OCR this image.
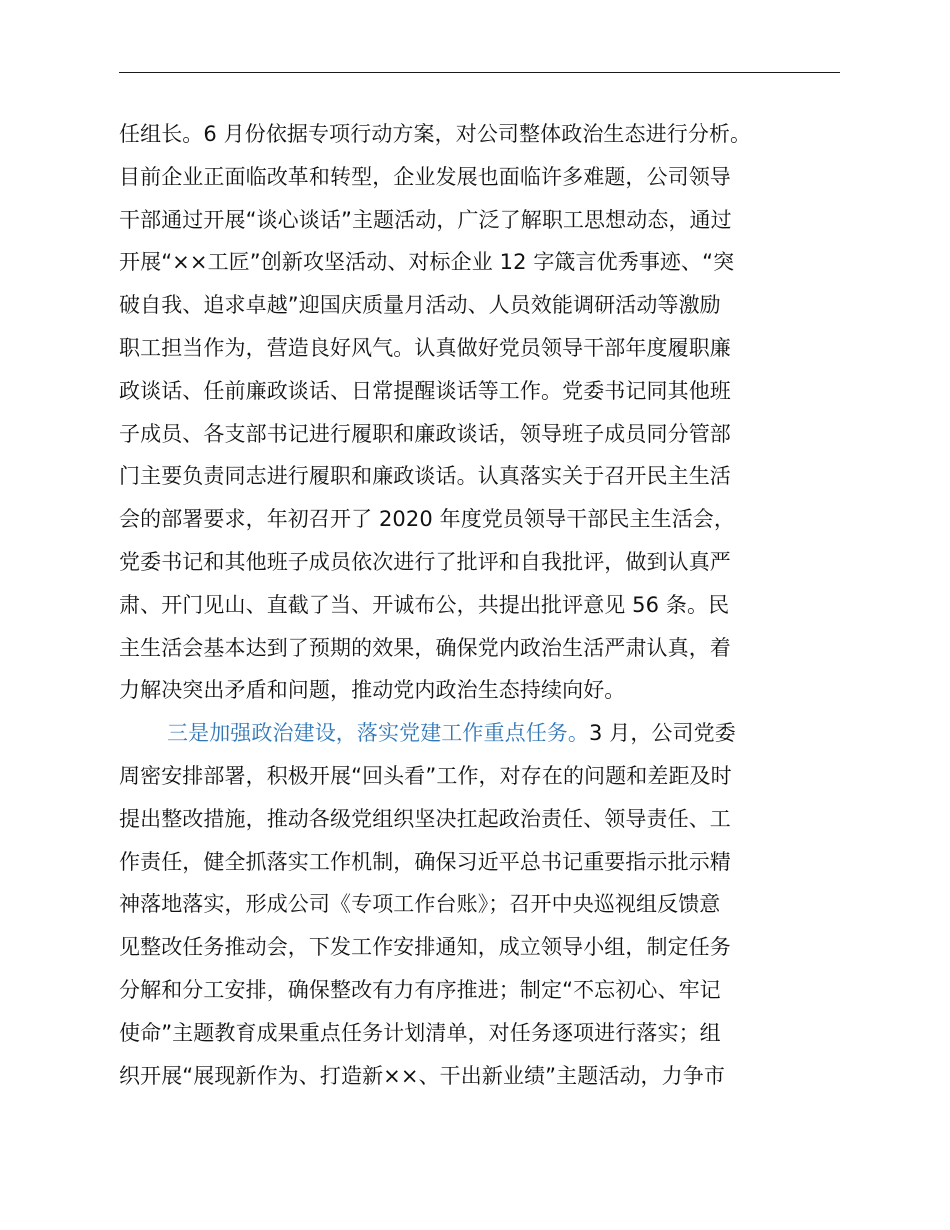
任组长。6 月份依据专项行动方案，对公司整体政治生态进行分析。
目前企业正面临改革和转型，企业发展也面临许多难题，公司领导
干部通过开展“谈心谈话”主题活动，广泛了解职工思想动态，通过
开展“××工匠”创新攻坚活动、对标企业 12 字箴言优秀事迹、“突
破自我、追求卓越”迎国庆质量月活动、人员效能调研活动等激励
职工担当作为，营造良好风气。认真做好党员领导干部年度履职廉
政谈话、任前廉政谈话、日常提醒谈话等工作。党委书记同其他班
子成员、各支部书记进行履职和廉政谈话，领导班子成员同分管部
门主要负责同志进行履职和廉政谈话。认真落实关于召开民主生活
会的部署要求，年初召开了 2020 年度党员领导干部民主生活会，
党委书记和其他班子成员依次进行了批评和自我批评，做到认真严
肃、开门见山、直截了当、开诚布公，共提出批评意见 56 条。民
主生活会基本达到了预期的效果，确保党内政治生活严肃认真，着
力解决突出矛盾和问题，推动党内政治生态持续向好。
三是加强政治建设，落实党建工作重点任务。3 月，公司党委
周密安排部署，积极开展“回头看”工作，对存在的问题和差距及时
提出整改措施，推动各级党组织坚决扛起政治责任、领导责任、工
作责任，健全抓落实工作机制，确保习近平总书记重要指示批示精
神落地落实，形成公司《专项工作台账》；召开中央巡视组反馈意
见整改任务推动会，下发工作安排通知，成立领导小组，制定任务
分解和分工安排，确保整改有力有序推进；制定“不忘初心、牢记
使命”主题教育成果重点任务计划清单，对任务逐项进行落实；组
织开展“展现新作为、打造新××、干出新业绩”主题活动，力争市
